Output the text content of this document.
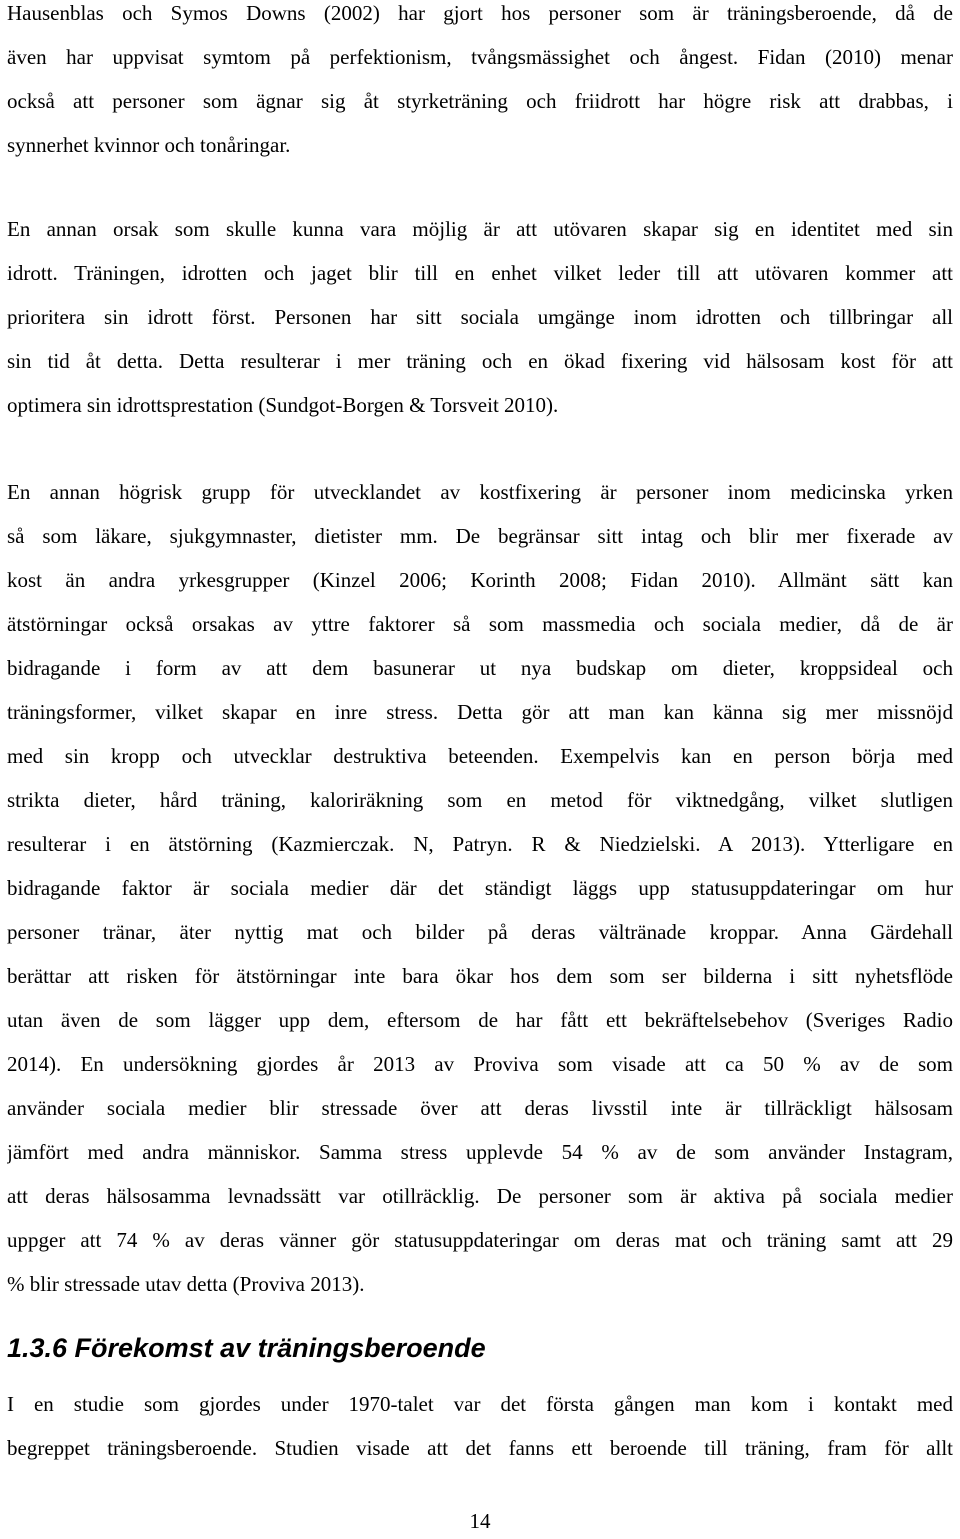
Hausenblas och Symos Downs (2002) har gjort hos personer som är träningsberoende, då de
även har uppvisat symtom på perfektionism, tvångsmässighet och ångest. Fidan (2010) menar
också att personer som ägnar sig åt styrketräning och friidrott har högre risk att drabbas, i
synnerhet kvinnor och tonåringar.
En annan orsak som skulle kunna vara möjlig är att utövaren skapar sig en identitet med sin
idrott. Träningen, idrotten och jaget blir till en enhet vilket leder till att utövaren kommer att
prioritera sin idrott först. Personen har sitt sociala umgänge inom idrotten och tillbringar all
sin tid åt detta. Detta resulterar i mer träning och en ökad fixering vid hälsosam kost för att
optimera sin idrottsprestation (Sundgot-Borgen & Torsveit 2010).
En annan högrisk grupp för utvecklandet av kostfixering är personer inom medicinska yrken
så som läkare, sjukgymnaster, dietister mm. De begränsar sitt intag och blir mer fixerade av
kost än andra yrkesgrupper (Kinzel 2006; Korinth 2008; Fidan 2010). Allmänt sätt kan
ätstörningar också orsakas av yttre faktorer så som massmedia och sociala medier, då de är
bidragande i form av att dem basunerar ut nya budskap om dieter, kroppsideal och
träningsformer, vilket skapar en inre stress. Detta gör att man kan känna sig mer missnöjd
med sin kropp och utvecklar destruktiva beteenden. Exempelvis kan en person börja med
strikta dieter, hård träning, kaloriräkning som en metod för viktnedgång, vilket slutligen
resulterar i en ätstörning (Kazmierczak. N, Patryn. R & Niedzielski. A 2013). Ytterligare en
bidragande faktor är sociala medier där det ständigt läggs upp statusuppdateringar om hur
personer tränar, äter nyttig mat och bilder på deras vältränade kroppar. Anna Gärdehall
berättar att risken för ätstörningar inte bara ökar hos dem som ser bilderna i sitt nyhetsflöde
utan även de som lägger upp dem, eftersom de har fått ett bekräftelsebehov (Sveriges Radio
2014). En undersökning gjordes år 2013 av Proviva som visade att ca 50 % av de som
använder sociala medier blir stressade över att deras livsstil inte är tillräckligt hälsosam
jämfört med andra människor. Samma stress upplevde 54 % av de som använder Instagram,
att deras hälsosamma levnadssätt var otillräcklig. De personer som är aktiva på sociala medier
uppger att 74 % av deras vänner gör statusuppdateringar om deras mat och träning samt att 29
% blir stressade utav detta (Proviva 2013).
1.3.6 Förekomst av träningsberoende
I en studie som gjordes under 1970-talet var det första gången man kom i kontakt med
begreppet träningsberoende. Studien visade att det fanns ett beroende till träning, fram för allt
14
